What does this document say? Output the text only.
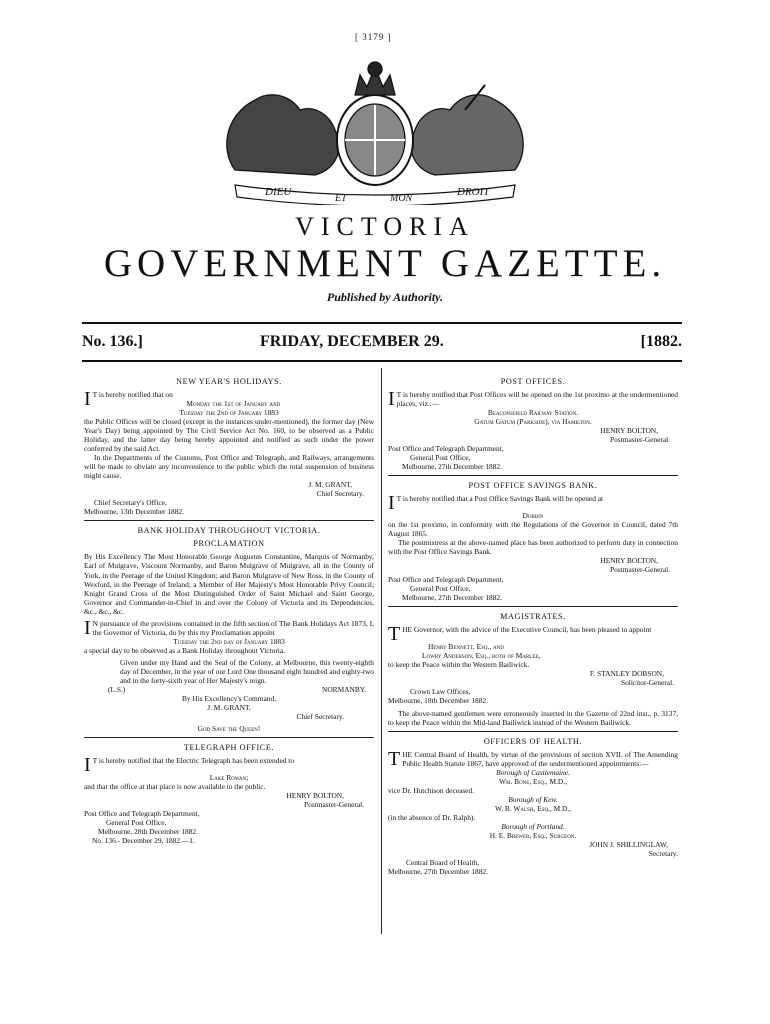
[ 3179 ]
DIEU
ET	MON
DROIT
VICTORIA
GOVERNMENT GAZETTE.
Published by Authority.
No. 136.]	FRIDAY, DECEMBER 29.	[1882.
NEW YEAR'S HOLIDAYS.

I T is hereby notified that on

Monday the 1st of January and

Tuesday the 2nd of January 1883

the Public Offices will be closed (except in the instances under-mentioned), the former day (New Year's Day) being appointed by The Civil Service Act No. 160, to be observed as a Public Holiday, and the latter day being hereby appointed and notified as such under the power conferred by the said Act.

In the Departments of the Customs, Post Office and Telegraph, and Railways, arrangements will be made to obviate any inconvenience to the public which the total suspension of business might cause.

J. M. GRANT,

Chief Secretary.

Chief Secretary's Office,

Melbourne, 13th December 1882.

BANK HOLIDAY THROUGHOUT VICTORIA.
PROCLAMATION

By His Excellency The Most Honorable George Augustus Constantine, Marquis of Normanby, Earl of Mulgrave, Viscount Normanby, and Baron Mulgrave of Mulgrave, all in the County of York, in the Peerage of the United Kingdom; and Baron Mulgrave of New Ross, in the County of Wexford, in the Peerage of Ireland; a Member of Her Majesty's Most Honorable Privy Council; Knight Grand Cross of the Most Distinguished Order of Saint Michael and Saint George, Governor and Commander-in-Chief in and over the Colony of Victoria and its Dependencies, &c., &c., &c.

I N pursuance of the provisions contained in the fifth section of The Bank Holidays Act 1873, I, the Governor of Victoria, do by this my Proclamation appoint

Tuesday the 2nd day of January 1883

a special day to be observed as a Bank Holiday throughout Victoria.

Given under my Hand and the Seal of the Colony, at Melbourne, this twenty-eighth day of December, in the year of our Lord One thousand eight hundred and eighty-two and in the forty-sixth year of Her Majesty's reign.

(L.S.)	NORMANBY.

By His Excellency's Command,

J. M. GRANT,

Chief Secretary.

God Save the Queen!

TELEGRAPH OFFICE.

I T is hereby notified that the Electric Telegraph has been extended to

Lake Rowan;

and that the office at that place is now available to the public.

HENRY BOLTON,

Postmaster-General.

Post Office and Telegraph Department,

General Post Office,

Melbourne, 28th December 1882.

No. 136.- December 29, 1882.—1.

POST OFFICES.

I T is hereby notified that Post Offices will be opened on the 1st proximo at the undermentioned places, viz.:—

Beaconsfield Railway Station.

Gatum Gatum (Parkside), via Hamilton.

HENRY BOLTON,

Postmaster-General.

Post Office and Telegraph Department,

General Post Office,

Melbourne, 27th December 1882.

POST OFFICE SAVINGS BANK.

I T is hereby notified that a Post Office Savings Bank will be opened at

Dobbin

on the 1st proximo, in conformity with the Regulations of the Governor in Council, dated 7th August 1865.

The postmistress at the above-named place has been authorized to perform duty in connection with the Post Office Savings Bank.

HENRY BOLTON,

Postmaster-General.

Post Office and Telegraph Department,

General Post Office,

Melbourne, 27th December 1882.

MAGISTRATES.

THE Governor, with the advice of the Executive Council, has been pleased to appoint

Henry Bennett, Esq., and

Lowry Anderson, Esq., both of Marlee,

to keep the Peace within the Western Bailiwick.

F. STANLEY DOBSON,

Solicitor-General.

Crown Law Offices,

Melbourne, 18th December 1882.

The above-named gentlemen were erroneously inserted in the Gazette of 22nd inst., p. 3137, to keep the Peace within the Mid-land Bailiwick instead of the Western Bailiwick.

OFFICERS OF HEALTH.

THE Central Board of Health, by virtue of the provisions of section XVII. of The Amending Public Health Statute 1867, have approved of the undermentioned appointments:—

Borough of Castlemaine.

Wm. Bone, Esq., M.D.,

vice Dr. Hutchison deceased.

Borough of Kew.

W. B. Walsh, Esq., M.D.,

(in the absence of Dr. Ralph).

Borough of Portland.

H. E. Brewer, Esq., Surgeon.

JOHN J. SHILLINGLAW,

Secretary.

Central Board of Health,

Melbourne, 27th December 1882.
